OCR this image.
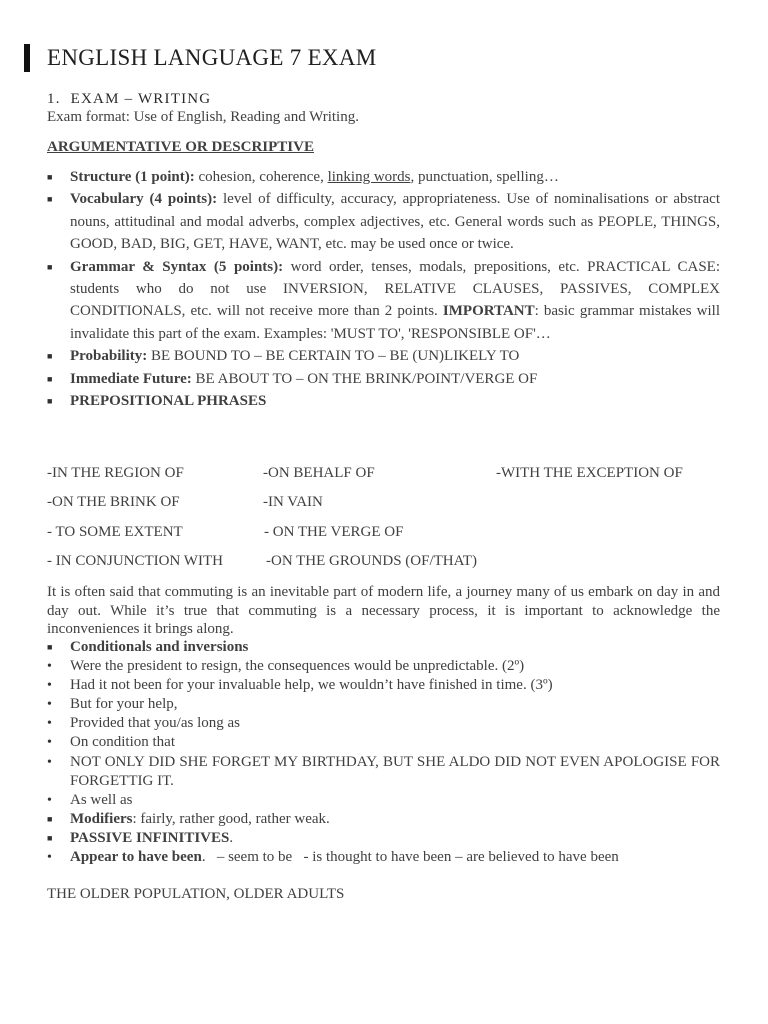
ENGLISH LANGUAGE 7 EXAM
1. EXAM – WRITING
Exam format: Use of English, Reading and Writing.
ARGUMENTATIVE OR DESCRIPTIVE
■ Structure (1 point): cohesion, coherence, linking words, punctuation, spelling…
■ Vocabulary (4 points): level of difficulty, accuracy, appropriateness. Use of nominalisations or abstract nouns, attitudinal and modal adverbs, complex adjectives, etc. General words such as PEOPLE, THINGS, GOOD, BAD, BIG, GET, HAVE, WANT, etc. may be used once or twice.
■ Grammar & Syntax (5 points): word order, tenses, modals, prepositions, etc. PRACTICAL CASE: students who do not use INVERSION, RELATIVE CLAUSES, PASSIVES, COMPLEX CONDITIONALS, etc. will not receive more than 2 points. IMPORTANT: basic grammar mistakes will invalidate this part of the exam. Examples: 'MUST TO', 'RESPONSIBLE OF'…
■ Probability: BE BOUND TO – BE CERTAIN TO – BE (UN)LIKELY TO
■ Immediate Future: BE ABOUT TO – ON THE BRINK/POINT/VERGE OF
■ PREPOSITIONAL PHRASES
-IN THE REGION OF	-ON BEHALF OF	-WITH THE EXCEPTION OF
-ON THE BRINK OF	-IN VAIN
- TO SOME EXTENT	- ON THE VERGE OF
- IN CONJUNCTION WITH	-ON THE GROUNDS (OF/THAT)
It is often said that commuting is an inevitable part of modern life, a journey many of us embark on day in and day out. While it’s true that commuting is a necessary process, it is important to acknowledge the inconveniences it brings along.
■ Conditionals and inversions
• Were the president to resign, the consequences would be unpredictable. (2º)
• Had it not been for your invaluable help, we wouldn’t have finished in time. (3º)
• But for your help,
• Provided that you/as long as
• On condition that
• NOT ONLY DID SHE FORGET MY BIRTHDAY, BUT SHE ALDO DID NOT EVEN APOLOGISE FOR FORGETTIG IT.
• As well as
■ Modifiers: fairly, rather good, rather weak.
■ PASSIVE INFINITIVES.
• Appear to have been.   – seem to be   - is thought to have been – are believed to have been
THE OLDER POPULATION, OLDER ADULTS
